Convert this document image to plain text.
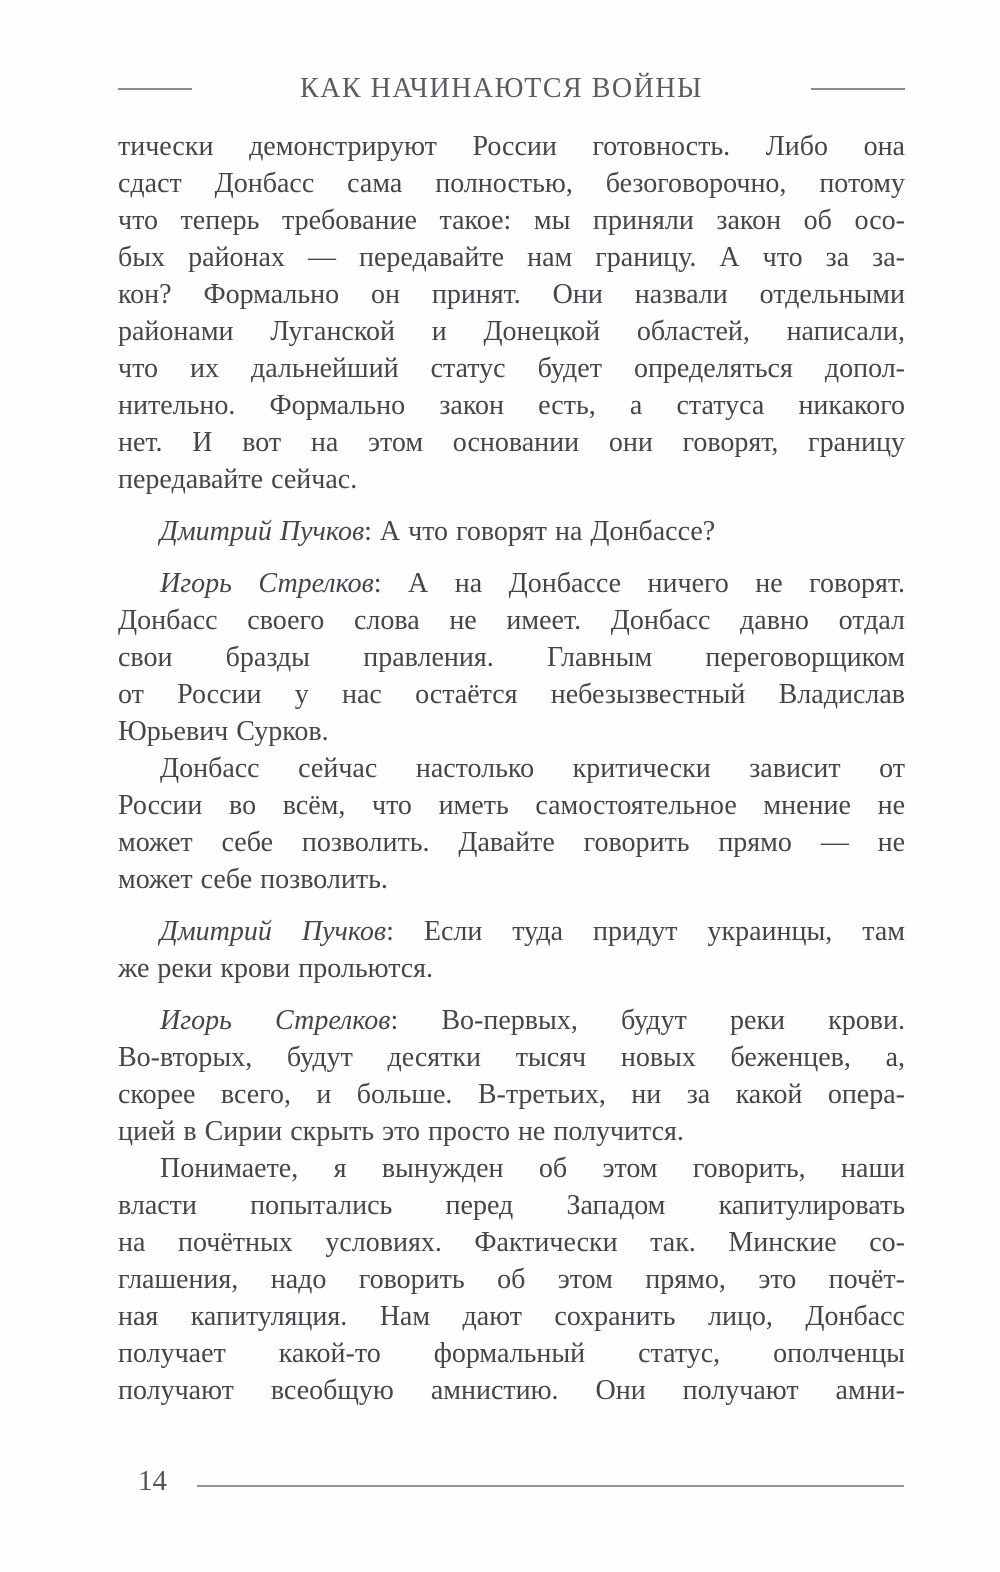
КАК НАЧИНАЮТСЯ ВОЙНЫ
тически демонстрируют России готовность. Либо она
сдаст Донбасс сама полностью, безоговорочно, потому
что теперь требование такое: мы приняли закон об осо-
бых районах — передавайте нам границу. А что за за-
кон? Формально он принят. Они назвали отдельными
районами Луганской и Донецкой областей, написали,
что их дальнейший статус будет определяться допол-
нительно. Формально закон есть, а статуса никакого
нет. И вот на этом основании они говорят, границу
передавайте сейчас.
Дмитрий Пучков: А что говорят на Донбассе?
Игорь Стрелков: А на Донбассе ничего не говорят.
Донбасс своего слова не имеет. Донбасс давно отдал
свои бразды правления. Главным переговорщиком
от России у нас остаётся небезызвестный Владислав
Юрьевич Сурков.
Донбасс сейчас настолько критически зависит от
России во всём, что иметь самостоятельное мнение не
может себе позволить. Давайте говорить прямо — не
может себе позволить.
Дмитрий Пучков: Если туда придут украинцы, там
же реки крови прольются.
Игорь Стрелков: Во-первых, будут реки крови.
Во-вторых, будут десятки тысяч новых беженцев, а,
скорее всего, и больше. В-третьих, ни за какой опера-
цией в Сирии скрыть это просто не получится.
Понимаете, я вынужден об этом говорить, наши
власти попытались перед Западом капитулировать
на почётных условиях. Фактически так. Минские со-
глашения, надо говорить об этом прямо, это почёт-
ная капитуляция. Нам дают сохранить лицо, Донбасс
получает какой-то формальный статус, ополченцы
получают всеобщую амнистию. Они получают амни-
14
